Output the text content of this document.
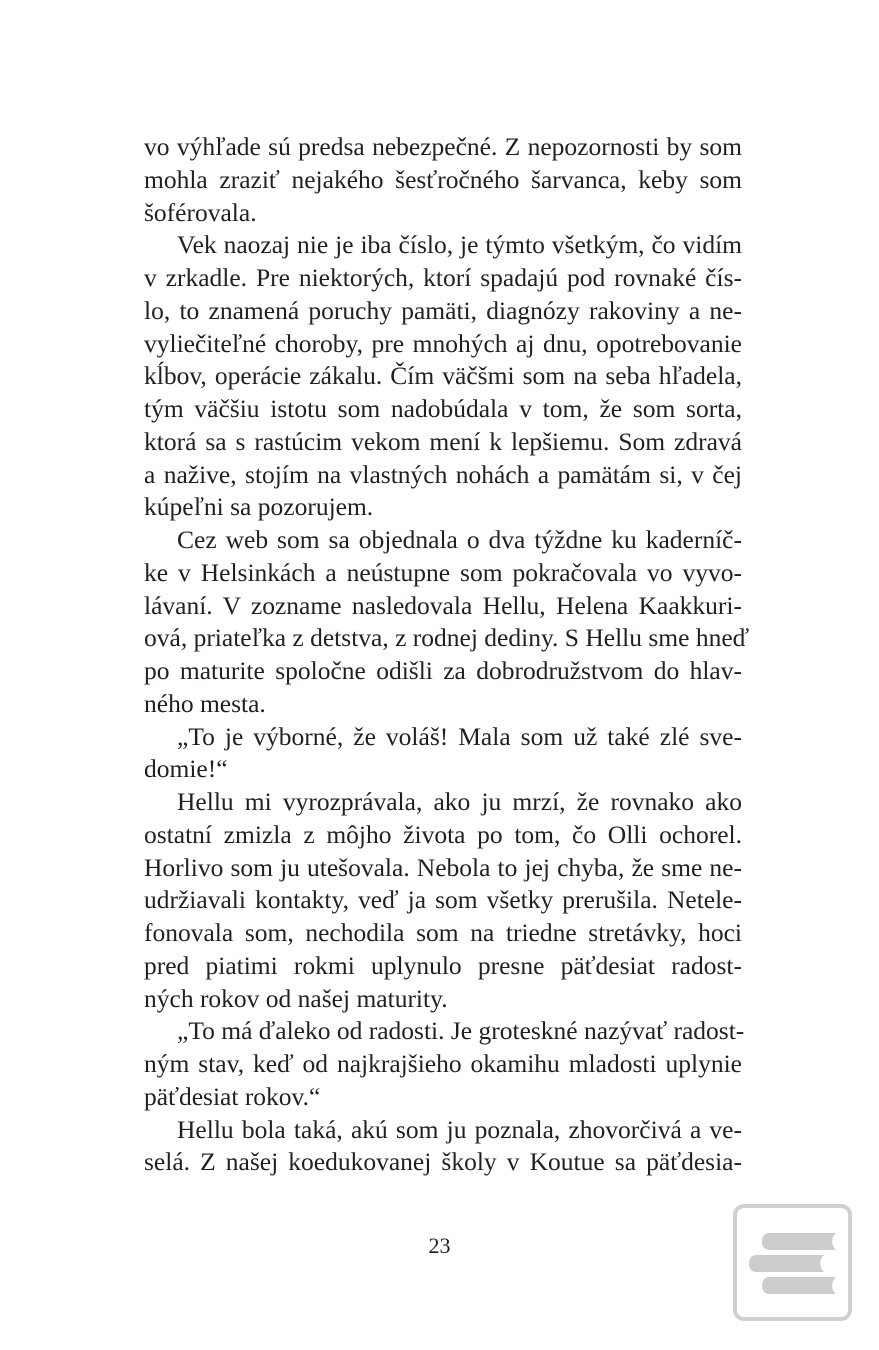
vo výhľade sú predsa nebezpečné. Z nepozornosti by som
mohla zraziť nejakého šesťročného šarvanca, keby som
šoférovala.
Vek naozaj nie je iba číslo, je týmto všetkým, čo vidím
v zrkadle. Pre niektorých, ktorí spadajú pod rovnaké čís-
lo, to znamená poruchy pamäti, diagnózy rakoviny a ne-
vyliečiteľné choroby, pre mnohých aj dnu, opotrebovanie
kĺbov, operácie zákalu. Čím väčšmi som na seba hľadela,
tým väčšiu istotu som nadobúdala v tom, že som sorta,
ktorá sa s rastúcim vekom mení k lepšiemu. Som zdravá
a nažive, stojím na vlastných nohách a pamätám si, v čej
kúpeľni sa pozorujem.
Cez web som sa objednala o dva týždne ku kaderníč-
ke v Helsinkách a neústupne som pokračovala vo vyvo-
lávaní. V zozname nasledovala Hellu, Helena Kaakkuri-
ová, priateľka z detstva, z rodnej dediny. S Hellu sme hneď
po maturite spoločne odišli za dobrodružstvom do hlav-
ného mesta.
„To je výborné, že voláš! Mala som už také zlé sve-
domie!“
Hellu mi vyrozprávala, ako ju mrzí, že rovnako ako
ostatní zmizla z môjho života po tom, čo Olli ochorel.
Horlivo som ju utešovala. Nebola to jej chyba, že sme ne-
udržiavali kontakty, veď ja som všetky prerušila. Netele-
fonovala som, nechodila som na triedne stretávky, hoci
pred piatimi rokmi uplynulo presne päťdesiat radost-
ných rokov od našej maturity.
„To má ďaleko od radosti. Je groteskné nazývať radost-
ným stav, keď od najkrajšieho okamihu mladosti uplynie
päťdesiat rokov.“
Hellu bola taká, akú som ju poznala, zhovorčivá a ve-
selá. Z našej koedukovanej školy v Koutue sa päťdesia-
23
